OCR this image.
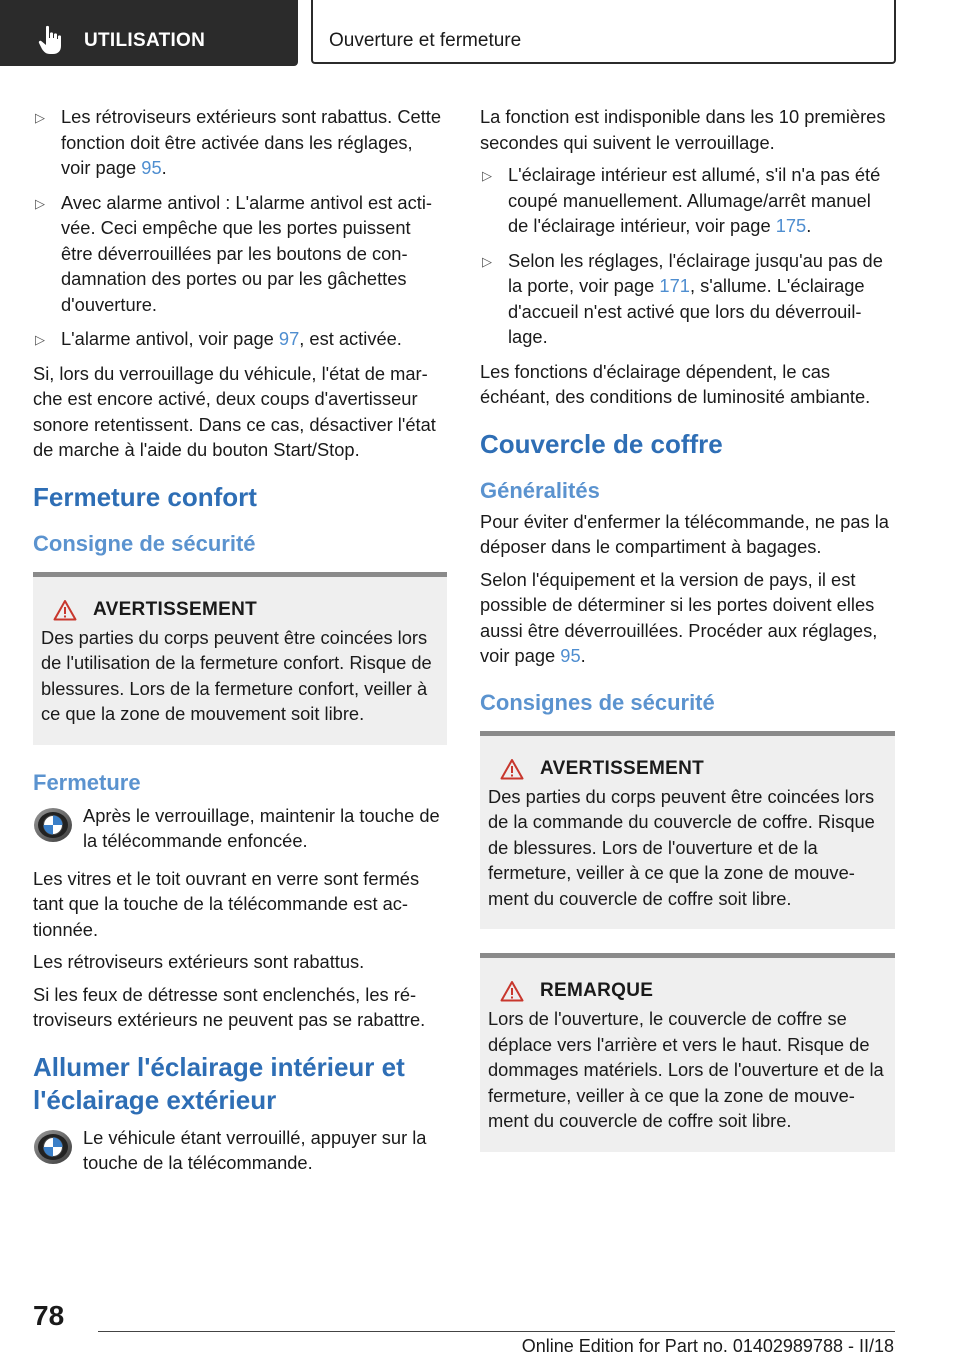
UTILISATION	Ouverture et fermeture
▷ Les rétroviseurs extérieurs sont rabattus. Cette fonction doit être activée dans les réglages, voir page 95.
▷ Avec alarme antivol : L'alarme antivol est activée. Ceci empêche que les portes puissent être déverrouillées par les boutons de condamnation des portes ou par les gâchettes d'ouverture.
▷ L'alarme antivol, voir page 97, est activée.

Si, lors du verrouillage du véhicule, l'état de marche est encore activé, deux coups d'avertisseur sonore retentissent. Dans ce cas, désactiver l'état de marche à l'aide du bouton Start/Stop.

Fermeture confort
Consigne de sécurité
AVERTISSEMENT

Des parties du corps peuvent être coincées lors de l'utilisation de la fermeture confort. Risque de blessures. Lors de la fermeture confort, veiller à ce que la zone de mouvement soit libre.

Fermeture

Après le verrouillage, maintenir la touche de la télécommande enfoncée.

Les vitres et le toit ouvrant en verre sont fermés tant que la touche de la télécommande est actionnée.

Les rétroviseurs extérieurs sont rabattus.

Si les feux de détresse sont enclenchés, les rétroviseurs extérieurs ne peuvent pas se rabattre.

Allumer l'éclairage intérieur et l'éclairage extérieur

Le véhicule étant verrouillé, appuyer sur la touche de la télécommande.

La fonction est indisponible dans les 10 premières secondes qui suivent le verrouillage.

▷ L'éclairage intérieur est allumé, s'il n'a pas été coupé manuellement. Allumage/arrêt manuel de l'éclairage intérieur, voir page 175.
▷ Selon les réglages, l'éclairage jusqu'au pas de la porte, voir page 171, s'allume. L'éclairage d'accueil n'est activé que lors du déverrouillage.

Les fonctions d'éclairage dépendent, le cas échéant, des conditions de luminosité ambiante.

Couvercle de coffre
Généralités

Pour éviter d'enfermer la télécommande, ne pas la déposer dans le compartiment à bagages.

Selon l'équipement et la version de pays, il est possible de déterminer si les portes doivent elles aussi être déverrouillées. Procéder aux réglages, voir page 95.

Consignes de sécurité
AVERTISSEMENT

Des parties du corps peuvent être coincées lors de la commande du couvercle de coffre. Risque de blessures. Lors de l'ouverture et de la fermeture, veiller à ce que la zone de mouvement du couvercle de coffre soit libre.

REMARQUE

Lors de l'ouverture, le couvercle de coffre se déplace vers l'arrière et vers le haut. Risque de dommages matériels. Lors de l'ouverture et de la fermeture, veiller à ce que la zone de mouvement du couvercle de coffre soit libre.

78
Online Edition for Part no. 01402989788 - II/18
